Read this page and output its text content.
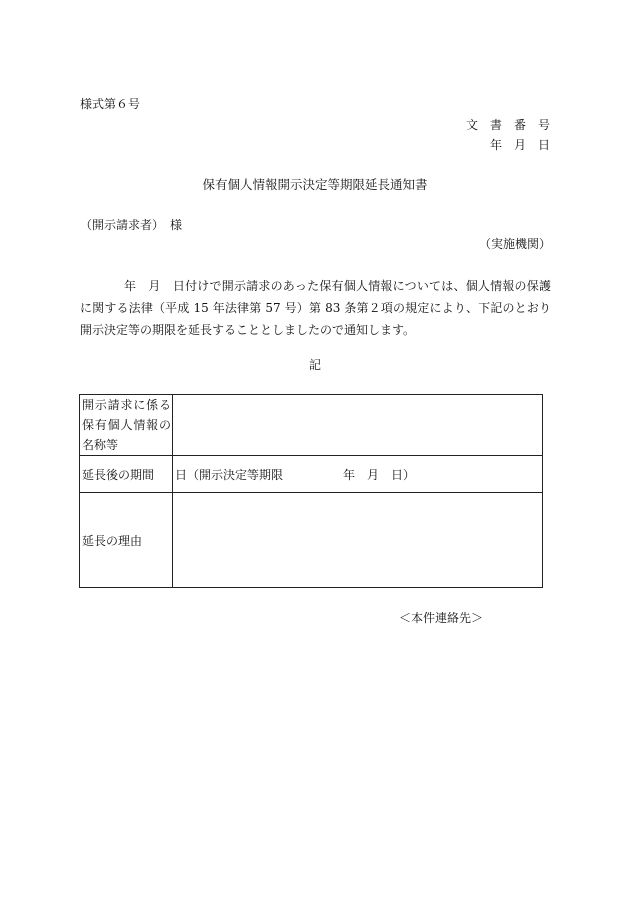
様式第６号
文　書　番　号
年　月　日
保有個人情報開示決定等期限延長通知書
（開示請求者）　様
（実施機関）
年　月　日付けで開示請求のあった保有個人情報については、個人情報の保護に関する法律（平成 15 年法律第 57 号）第 83 条第２項の規定により、下記のとおり開示決定等の期限を延長することとしましたので通知します。
記
開示請求に係る
保有個人情報の
名称等	

延長後の期間	日（開示決定等期限　　　　　年　月　日）
延長の理由	
＜本件連絡先＞
